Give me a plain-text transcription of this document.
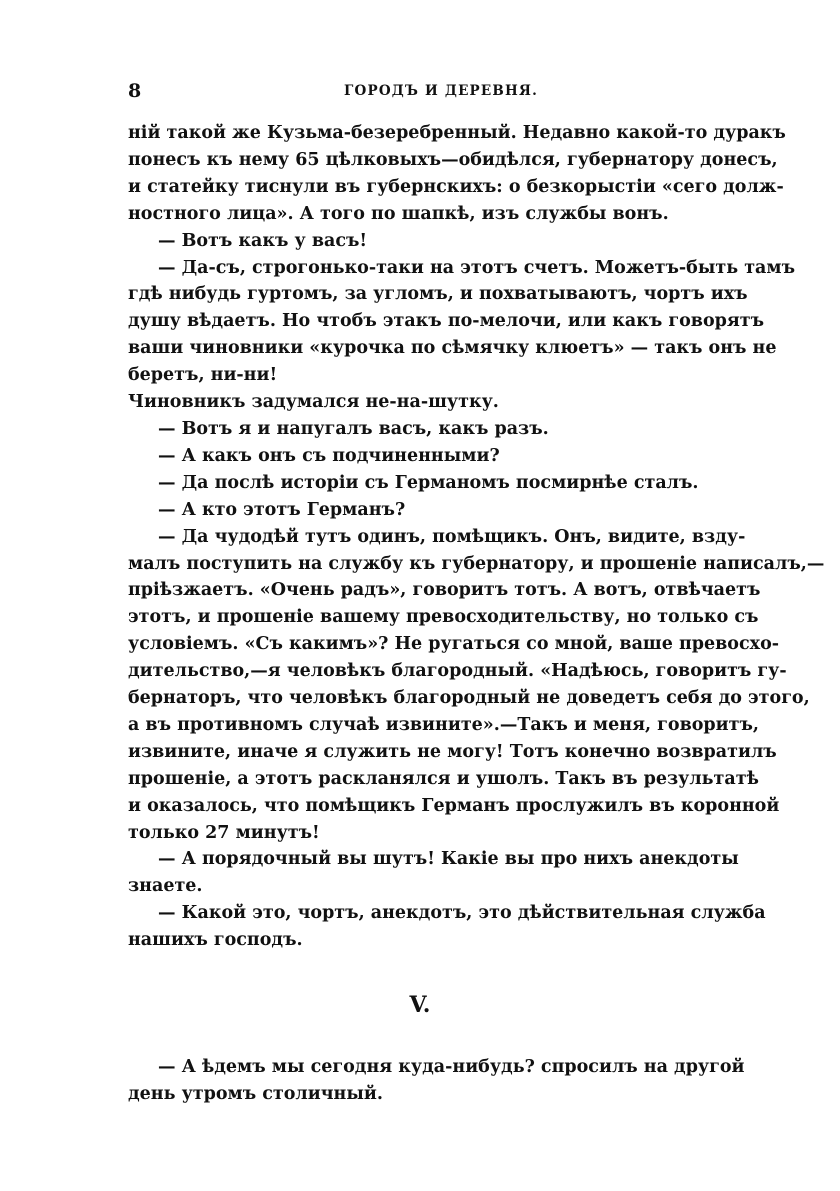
8	ГОРОДЪ И ДЕРЕВНЯ.
ній такой же Кузьма-безеребренный. Недавно какой-то дуракъ
понесъ къ нему 65 цѣлковыхъ—обидѣлся, губернатору донесъ,
и статейку тиснули въ губернскихъ: о безкорыстіи «сего долж-
ностного лица». А того по шапкѣ, изъ службы вонъ.
— Вотъ какъ у васъ!
— Да-съ, строгонько-таки на этотъ счетъ. Можетъ-быть тамъ
гдѣ нибудь гуртомъ, за угломъ, и похватываютъ, чортъ ихъ
душу вѣдаетъ. Но чтобъ этакъ по-мелочи, или какъ говорятъ
ваши чиновники «курочка по сѣмячку клюетъ» — такъ онъ не
беретъ, ни-ни!
Чиновникъ задумался не-на-шутку.
— Вотъ я и напугалъ васъ, какъ разъ.
— А какъ онъ съ подчиненными?
— Да послѣ исторіи съ Германомъ посмирнѣе сталъ.
— А кто этотъ Германъ?
— Да чудодѣй тутъ одинъ, помѣщикъ. Онъ, видите, взду-
малъ поступить на службу къ губернатору, и прошеніе написалъ,—
пріѣзжаетъ. «Очень радъ», говоритъ тотъ. А вотъ, отвѣчаетъ
этотъ, и прошеніе вашему превосходительству, но только съ
условіемъ. «Съ какимъ»? Не ругаться со мной, ваше превосхо-
дительство,—я человѣкъ благородный. «Надѣюсь, говоритъ гу-
бернаторъ, что человѣкъ благородный не доведетъ себя до этого,
а въ противномъ случаѣ извините».—Такъ и меня, говоритъ,
извините, иначе я служить не могу! Тотъ конечно возвратилъ
прошеніе, а этотъ раскланялся и ушолъ. Такъ въ результатѣ
и оказалось, что помѣщикъ Германъ прослужилъ въ коронной
только 27 минутъ!
— А порядочный вы шутъ! Какіе вы про нихъ анекдоты
знаете.
— Какой это, чортъ, анекдотъ, это дѣйствительная служба
нашихъ господъ.
V.
— А ѣдемъ мы сегодня куда-нибудь? спросилъ на другой
день утромъ столичный.
